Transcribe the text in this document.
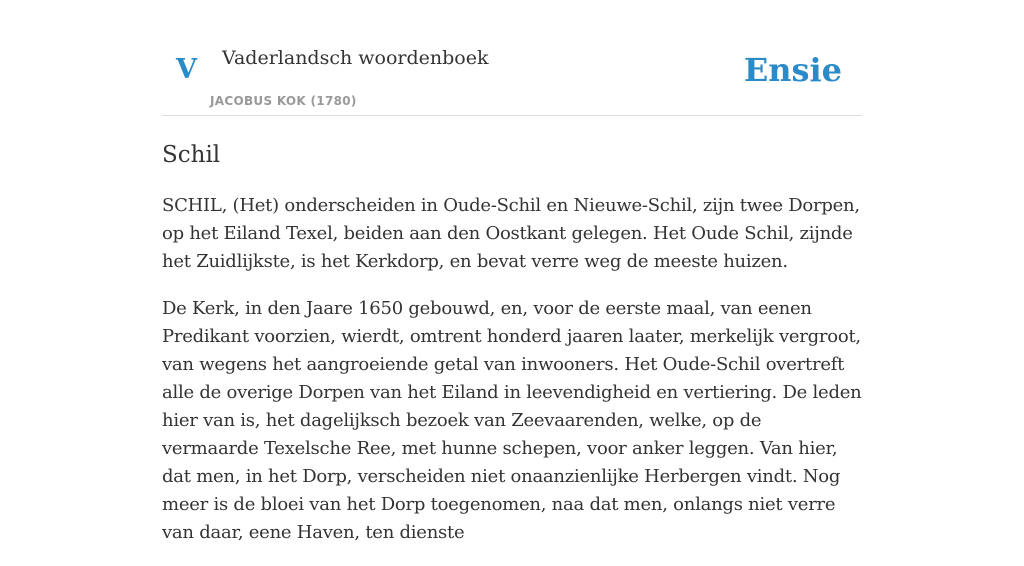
V Vaderlandsch woordenboek
JACOBUS KOK (1780)
Ensie
Schil

SCHIL, (Het) onderscheiden in Oude-Schil en Nieuwe-Schil, zijn twee Dorpen, op het Eiland Texel, beiden aan den Oostkant gelegen. Het Oude Schil, zijnde het Zuidlijkste, is het Kerkdorp, en bevat verre weg de meeste huizen.

De Kerk, in den Jaare 1650 gebouwd, en, voor de eerste maal, van eenen Predikant voorzien, wierdt, omtrent honderd jaaren laater, merkelijk vergroot, van wegens het aangroeiende getal van inwooners. Het Oude-Schil overtreft alle de overige Dorpen van het Eiland in leevendigheid en vertiering. De leden hier van is, het dagelijksch bezoek van Zeevaarenden, welke, op de vermaarde Texelsche Ree, met hunne schepen, voor anker leggen. Van hier, dat men, in het Dorp, verscheiden niet onaanzienlijke Herbergen vindt. Nog meer is de bloei van het Dorp toegenomen, naa dat men, onlangs niet verre van daar, eene Haven, ten dienste
